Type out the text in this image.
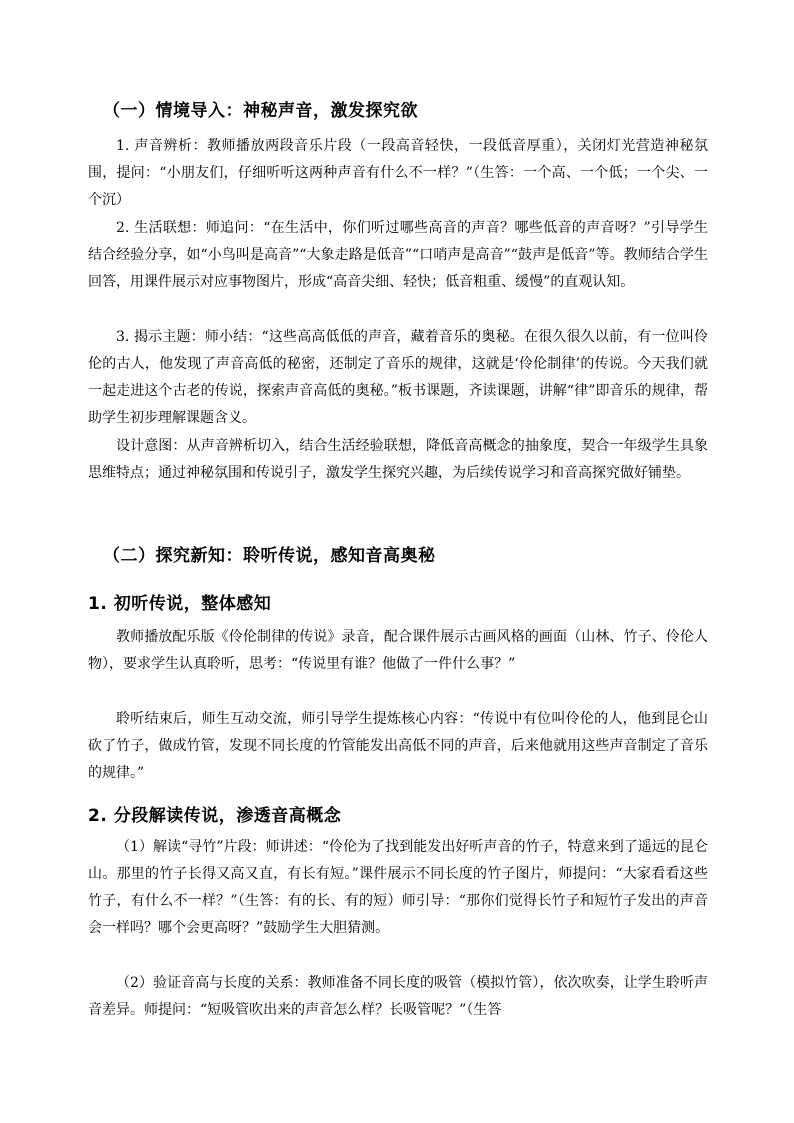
（一）情境导入：神秘声音，激发探究欲

1. 声音辨析：教师播放两段音乐片段（一段高音轻快，一段低音厚重），关闭灯光营造神秘氛围，提问：“小朋友们，仔细听听这两种声音有什么不一样？”（生答：一个高、一个低；一个尖、一个沉）

2. 生活联想：师追问：“在生活中，你们听过哪些高音的声音？哪些低音的声音呀？”引导学生结合经验分享，如“小鸟叫是高音”“大象走路是低音”“口哨声是高音”“鼓声是低音”等。教师结合学生回答，用课件展示对应事物图片，形成“高音尖细、轻快；低音粗重、缓慢”的直观认知。

3. 揭示主题：师小结：“这些高高低低的声音，藏着音乐的奥秘。在很久很久以前，有一位叫伶伦的古人，他发现了声音高低的秘密，还制定了音乐的规律，这就是‘伶伦制律’的传说。今天我们就一起走进这个古老的传说，探索声音高低的奥秘。”板书课题，齐读课题，讲解“律”即音乐的规律，帮助学生初步理解课题含义。

设计意图：从声音辨析切入，结合生活经验联想，降低音高概念的抽象度，契合一年级学生具象思维特点；通过神秘氛围和传说引子，激发学生探究兴趣，为后续传说学习和音高探究做好铺垫。

（二）探究新知：聆听传说，感知音高奥秘
1. 初听传说，整体感知

教师播放配乐版《伶伦制律的传说》录音，配合课件展示古画风格的画面（山林、竹子、伶伦人物），要求学生认真聆听，思考：“传说里有谁？他做了一件什么事？”

聆听结束后，师生互动交流，师引导学生提炼核心内容：“传说中有位叫伶伦的人，他到昆仑山砍了竹子，做成竹管，发现不同长度的竹管能发出高低不同的声音，后来他就用这些声音制定了音乐的规律。”

2. 分段解读传说，渗透音高概念

（1）解读“寻竹”片段：师讲述：“伶伦为了找到能发出好听声音的竹子，特意来到了遥远的昆仑山。那里的竹子长得又高又直，有长有短。”课件展示不同长度的竹子图片，师提问：“大家看看这些竹子，有什么不一样？”（生答：有的长、有的短）师引导：“那你们觉得长竹子和短竹子发出的声音会一样吗？哪个会更高呀？”鼓励学生大胆猜测。

（2）验证音高与长度的关系：教师准备不同长度的吸管（模拟竹管），依次吹奏，让学生聆听声音差异。师提问：“短吸管吹出来的声音怎么样？长吸管呢？”（生答
